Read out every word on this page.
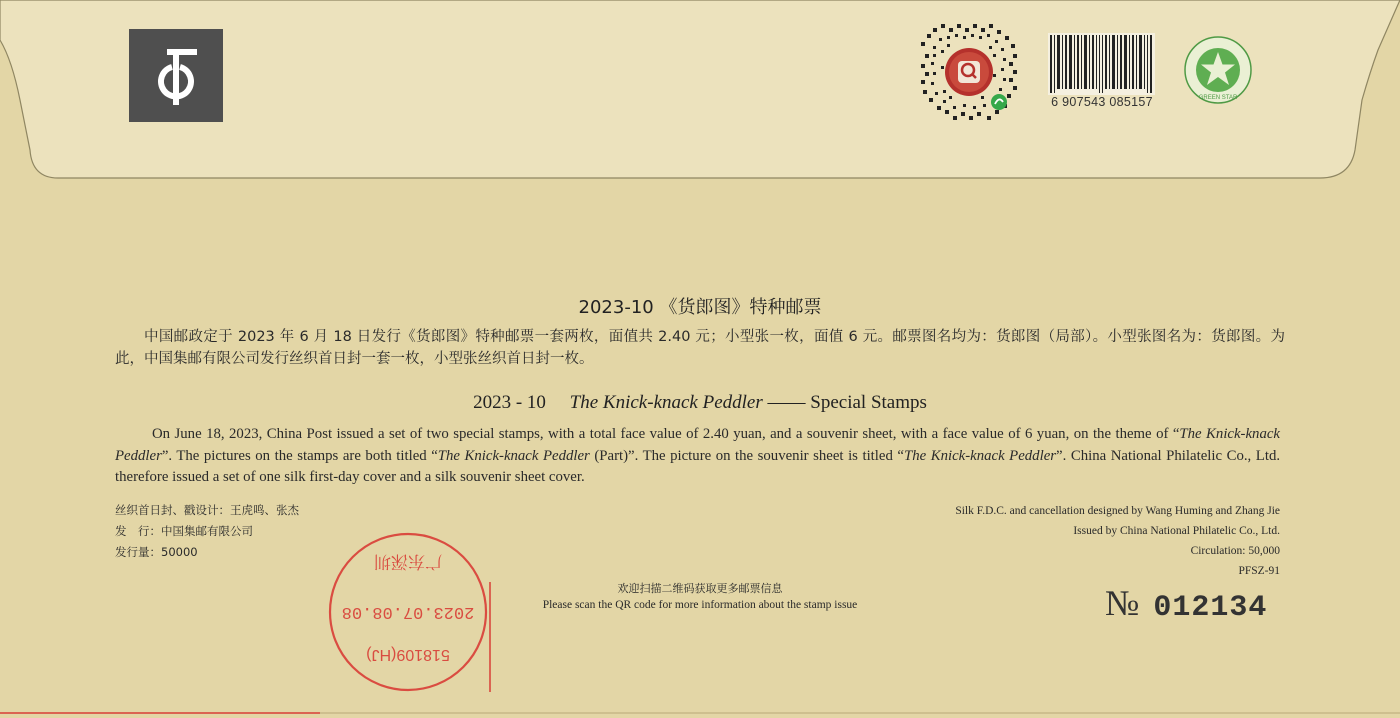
6 907543 085157	GREEN STAR
2023-10 《货郎图》特种邮票

中国邮政定于 2023 年 6 月 18 日发行《货郎图》特种邮票一套两枚，面值共 2.40 元；小型张一枚，面值 6 元。邮票图名均为：货郎图（局部）。小型张图名为：货郎图。为此，中国集邮有限公司发行丝织首日封一套一枚，小型张丝织首日封一枚。

2023 - 10 The Knick-knack Peddler —— Special Stamps

On June 18, 2023, China Post issued a set of two special stamps, with a total face value of 2.40 yuan, and a souvenir sheet, with a face value of 6 yuan, on the theme of “The Knick-knack Peddler”. The pictures on the stamps are both titled “The Knick-knack Peddler (Part)”. The picture on the souvenir sheet is titled “The Knick-knack Peddler”. China National Philatelic Co., Ltd. therefore issued a set of one silk first-day cover and a silk souvenir sheet cover.

丝织首日封、戳设计：王虎鸣、张杰
发　行：中国集邮有限公司
发行量：50000
Silk F.D.C. and cancellation designed by Wang Huming and Zhang Jie
Issued by China National Philatelic Co., Ltd.
Circulation: 50,000
PFSZ-91
欢迎扫描二维码获取更多邮票信息
Please scan the QR code for more information about the stamp issue	№ 012134
2023.07.08.08
518109(HJ)
广东深圳
